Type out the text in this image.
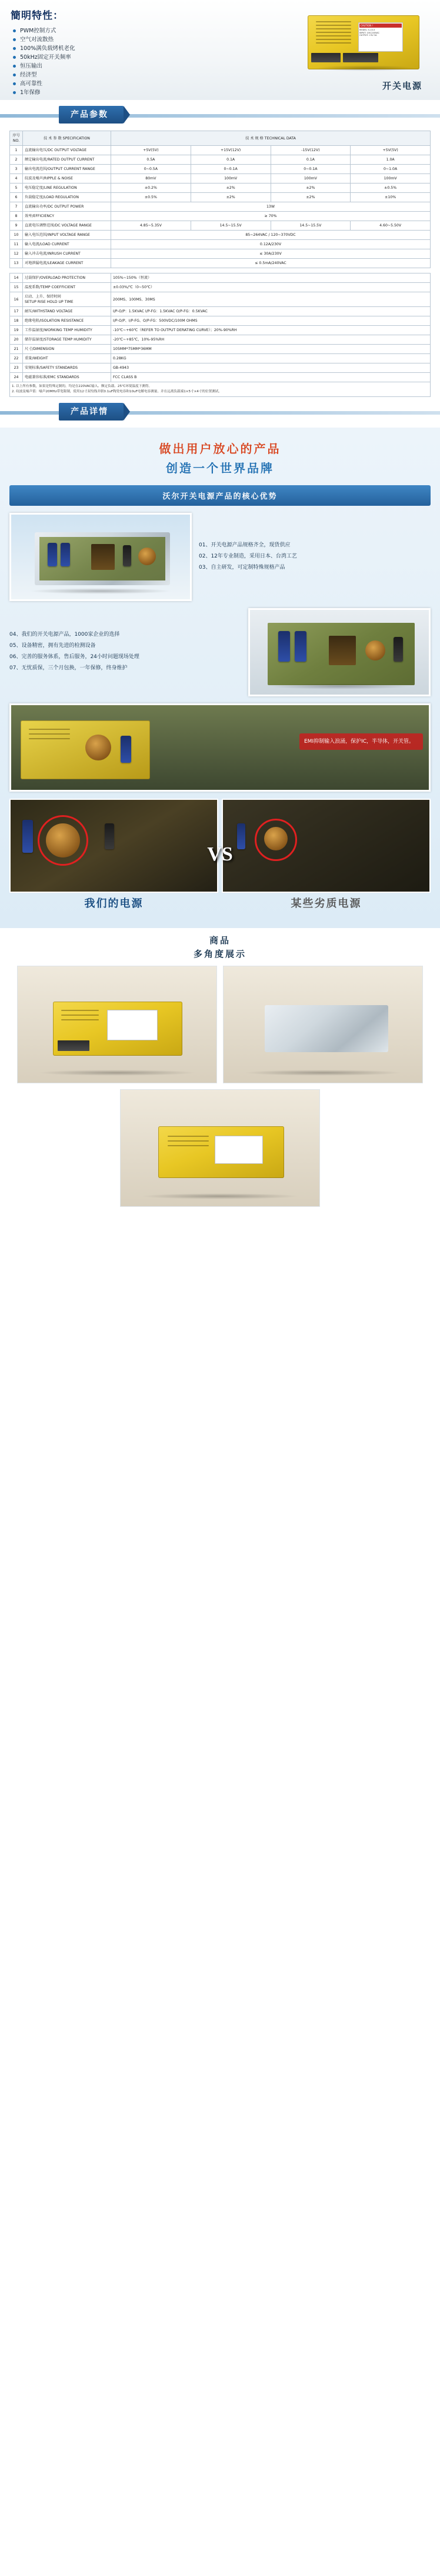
簡明特性：
PWM控制方式
空气对流散热
100%满负载烤机老化
50kHz固定开关频率
恒压输出
经济型
高可靠性
1年保修
CAUTION !
MODEL: S-15-5
INPUT: 100-240VAC
OUTPUT: +5V 3A

开关电源
产品参数
序号 NO.	技 术 参 数 SPECIFICATION	技 术 规 格 TECHNICAL DATA			
1	直流输出电压/DC OUTPUT VOLTAGE	+5V(5V)	+15V(12V)	-15V(12V)	+5V(5V)
2	额定输出电流/RATED OUTPUT CURRENT	0.5A	0.1A	0.1A	1.0A
3	输出电流范围/OUTPUT CURRENT RANGE	0~0.5A	0~0.1A	0~0.1A	0~1.0A
4	纹波及噪声/RIPPLE & NOISE	80mV	100mV	100mV	100mV
5	电压稳定度/LINE REGULATION	±0.2%	±2%	±2%	±0.5%
6	负载稳定度/LOAD REGULATION	±0.5%	±2%	±2%	±10%
7	直流输出功率/DC OUTPUT POWER	13W			
8	效率/EFFICIENCY	≥ 70%			
9	直流电压调整范围/DC VOLTAGE RANGE	4.85~5.35V	14.5~15.5V	14.5~15.5V	4.60~5.50V
10	输入电压范围/INPUT VOLTAGE RANGE	85~264VAC / 120~370VDC			
11	输入电流/LOAD CURRENT	0.12A/230V			
12	输入冲击电流/INRUSH CURRENT	≤ 30A/230V			
13	对地泄漏电流/LEAKAGE CURRENT	≤ 0.5mA/240VAC			
14	过载保护/OVERLOAD PROTECTION	105%~150%（恒流）
15	温度系数/TEMP COEFFICIENT	±0.03%/℃（0~50℃）
16	启动、上升、保持时间
SETUP RISE HOLD UP TIME	200MS、100MS、30MS
17	耐压/WITHSTAND VOLTAGE	I/P-O/P：1.5KVAC I/P-FG：1.5KVAC O/P-FG：0.5KVAC
18	绝缘电阻/ISOLATION RESISTANCE	I/P-O/P、I/P-FG、O/P-FG：500VDC/100M OHMS
19	工作温湿度/WORKING TEMP HUMIDITY	-10℃~+60℃（REFER TO OUTPUT DERATING CURVE）；20%-90%RH
20	储存温湿度/STORAGE TEMP HUMIDITY	-20℃~+85℃，10%-95%RH
21	尺寸/DIMENSION	105MM*75MM*36MM
22	重量/WEIGHT	0.28KG
23	安规标准/SAFETY STANDARDS	GB-4943
24	电磁兼容标准/EMC STANDARDS	FCC CLASS B

1. 以上所有参数，如果是特殊定制的，均是在220VAC输入、额定负载、25℃环境温度下测得。
2. 纹波及噪声值：噪声20MHz带宽限制，使用12寸双绞线并联0.1uF陶瓷电容和10uF电解电容测量。并在远离负载端1×5寸×4寸的位置测试。		
产品详情
做出用户放心的产品
创造一个世界品牌
沃尔开关电源产品的核心优势

01、开关电源产品规格齐全，现货供应

02、12年专业制造，采用日本、台湾工艺

03、自主研发，可定制特殊规格产品

04、我们的开关电源产品，1000家企业的选择

05、设备精密，拥有先进的检测设备

06、完善的服务体系，售后服务，24小时问题现场处理

07、无忧质保，三个月包换，一年保修，终身维护

EMI抑制输入浪涌，保护IC，半导体，开关管。
VS
我们的电源	某些劣质电源
商品
多角度展示
